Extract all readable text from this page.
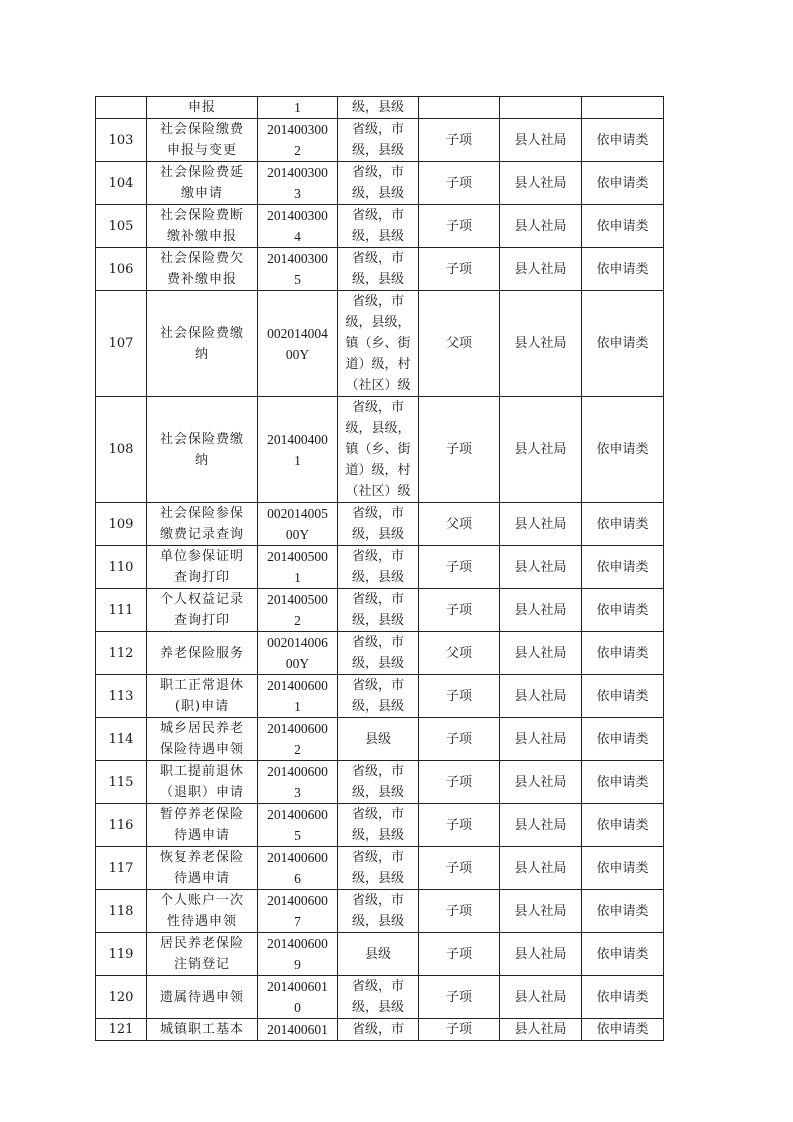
	申报	1	级，县级			

103	社会保险缴费
申报与变更	201400300
2	省级，市
级，县级	子项	县人社局	依申请类
104	社会保险费延
缴申请	201400300
3	省级，市
级，县级	子项	县人社局	依申请类
105	社会保险费断
缴补缴申报	201400300
4	省级，市
级，县级	子项	县人社局	依申请类
106	社会保险费欠
费补缴申报	201400300
5	省级，市
级，县级	子项	县人社局	依申请类
107	社会保险费缴
纳	002014004
00Y	省级，市
级，县级，
镇（乡、街
道）级，村
（社区）级	父项	县人社局	依申请类
108	社会保险费缴
纳	201400400
1	省级，市
级，县级，
镇（乡、街
道）级，村
（社区）级	子项	县人社局	依申请类
109	社会保险参保
缴费记录查询	002014005
00Y	省级，市
级，县级	父项	县人社局	依申请类
110	单位参保证明
查询打印	201400500
1	省级，市
级，县级	子项	县人社局	依申请类
111	个人权益记录
查询打印	201400500
2	省级，市
级，县级	子项	县人社局	依申请类
112	养老保险服务	002014006
00Y	省级，市
级，县级	父项	县人社局	依申请类
113	职工正常退休
(职)申请	201400600
1	省级，市
级，县级	子项	县人社局	依申请类
114	城乡居民养老
保险待遇申领	201400600
2	县级	子项	县人社局	依申请类
115	职工提前退休
（退职）申请	201400600
3	省级，市
级，县级	子项	县人社局	依申请类
116	暂停养老保险
待遇申请	201400600
5	省级，市
级，县级	子项	县人社局	依申请类
117	恢复养老保险
待遇申请	201400600
6	省级，市
级，县级	子项	县人社局	依申请类
118	个人账户一次
性待遇申领	201400600
7	省级，市
级，县级	子项	县人社局	依申请类
119	居民养老保险
注销登记	201400600
9	县级	子项	县人社局	依申请类
120	遗属待遇申领	201400601
0	省级，市
级，县级	子项	县人社局	依申请类
121	城镇职工基本	201400601	省级，市	子项	县人社局	依申请类
